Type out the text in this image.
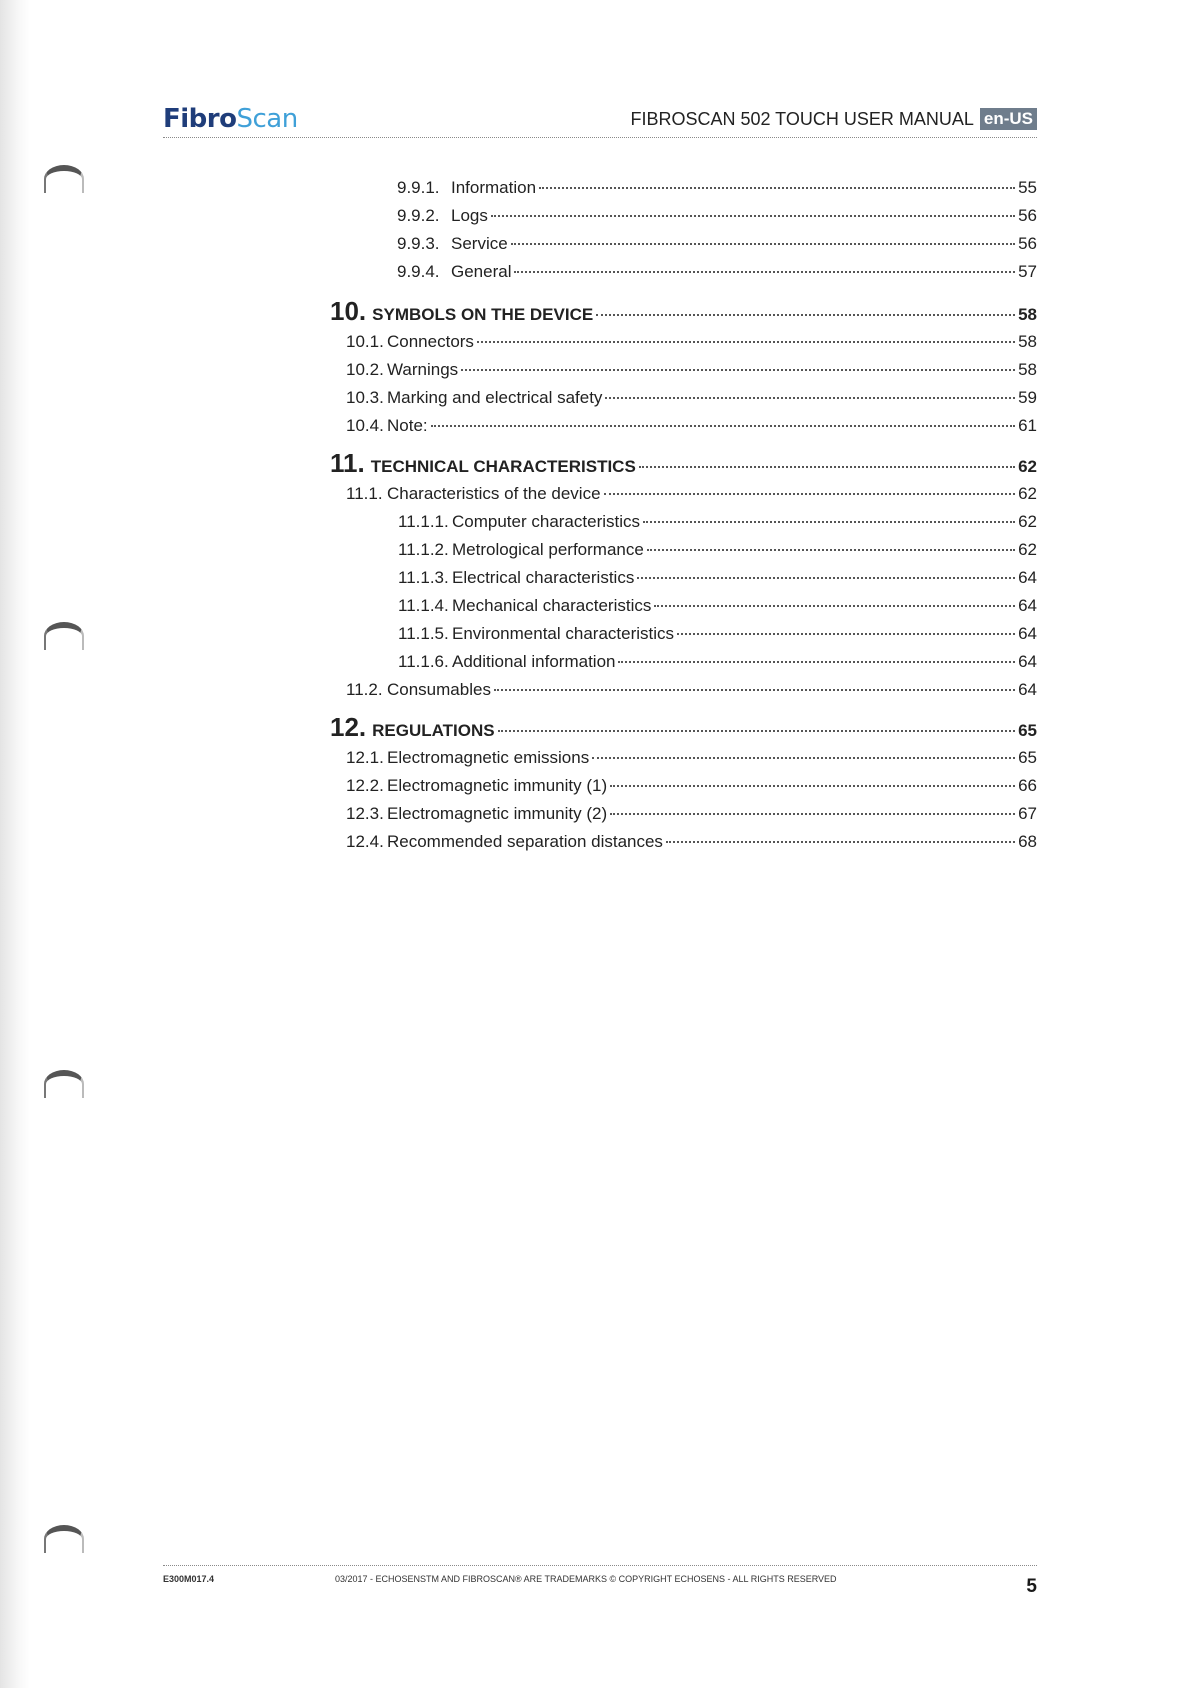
FibroScan	FIBROSCAN 502 TOUCH USER MANUAL en-US
9.9.1. Information	55
9.9.2. Logs	56
9.9.3. Service	56
9.9.4. General	57
10. SYMBOLS ON THE DEVICE	58
10.1. Connectors	58
10.2. Warnings	58
10.3. Marking and electrical safety	59
10.4. Note:	61
11. TECHNICAL CHARACTERISTICS	62
11.1. Characteristics of the device	62
11.1.1. Computer characteristics	62
11.1.2. Metrological performance	62
11.1.3. Electrical characteristics	64
11.1.4. Mechanical characteristics	64
11.1.5. Environmental characteristics	64
11.1.6. Additional information	64
11.2. Consumables	64
12. REGULATIONS	65
12.1. Electromagnetic emissions	65
12.2. Electromagnetic immunity (1)	66
12.3. Electromagnetic immunity (2)	67
12.4. Recommended separation distances	68
E300M017.4	03/2017 - ECHOSENSTM AND FIBROSCAN® ARE TRADEMARKS © COPYRIGHT ECHOSENS - ALL RIGHTS RESERVED	5
